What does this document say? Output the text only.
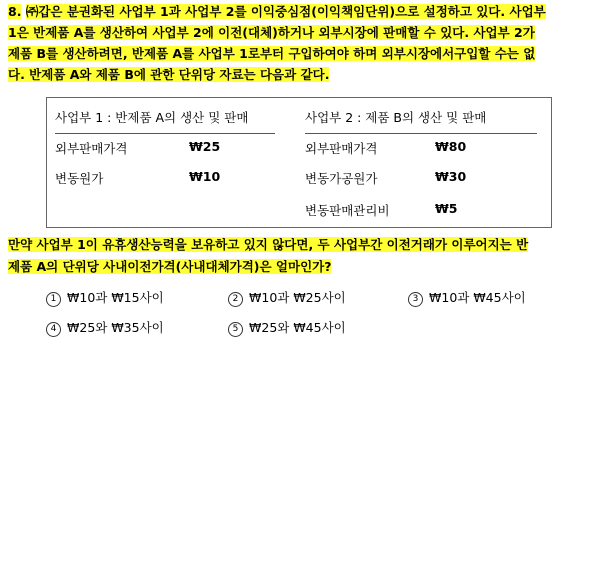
8. ㈜갑은 분권화된 사업부 1과 사업부 2를 이익중심점(이익책임단위)으로 설정하고 있다. 사업부
1은 반제품 A를 생산하여 사업부 2에 이전(대체)하거나 외부시장에 판매할 수 있다. 사업부 2가
제품 B를 생산하려면, 반제품 A를 사업부 1로부터 구입하여야 하며 외부시장에서구입할 수는 없
다. 반제품 A와 제품 B에 관한 단위당 자료는 다음과 같다.
사업부 1 : 반제품 A의 생산 및 판매	사업부 2 : 제품 B의 생산 및 판매
외부판매가격	₩25
변동원가	₩10
외부판매가격	₩80
변동가공원가	₩30
변동판매관리비	₩5
만약 사업부 1이 유휴생산능력을 보유하고 있지 않다면, 두 사업부간 이전거래가 이루어지는 반
제품 A의 단위당 사내이전가격(사내대체가격)은 얼마인가?
1 ₩10과 ₩15사이	2 ₩10과 ₩25사이	3 ₩10과 ₩45사이
4 ₩25와 ₩35사이	5 ₩25와 ₩45사이
